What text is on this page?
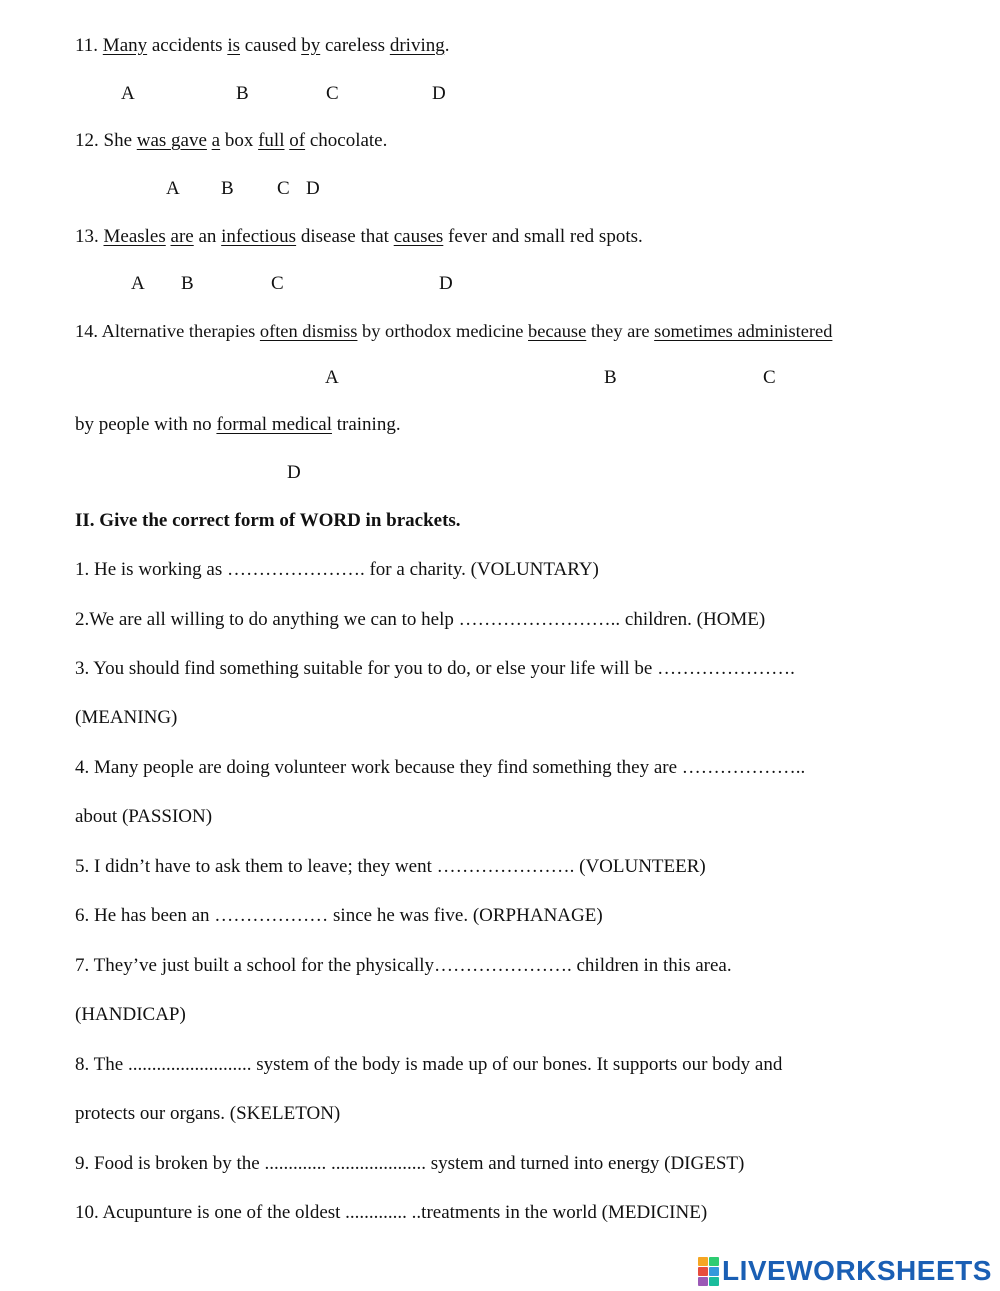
11. Many accidents is caused by careless driving.
A	B	C	D
12. She was gave a box full of chocolate.
A B C D
13. Measles are an infectious disease that causes fever and small red spots.
A B	C	D
14. Alternative therapies often dismiss by orthodox medicine because they are sometimes administered
A	B	C
by people with no formal medical training.
D
II. Give the correct form of WORD in brackets.
1. He is working as …………………. for a charity. (VOLUNTARY)
2.We are all willing to do anything we can to help …………………….. children. (HOME)
3. You should find something suitable for you to do, or else your life will be ………………….
(MEANING)
4. Many people are doing volunteer work because they find something they are ………………..
about (PASSION)
5. I didn’t have to ask them to leave; they went …………………. (VOLUNTEER)
6. He has been an ……………… since he was five. (ORPHANAGE)
7. They’ve just built a school for the physically…………………. children in this area.
(HANDICAP)
8. The .......................... system of the body is made up of our bones. It supports our body and
protects our organs. (SKELETON)
9. Food is broken by the ............. .................... system and turned into energy (DIGEST)
10. Acupunture is one of the oldest ............. ..treatments in the world (MEDICINE)
LIVEWORKSHEETS
